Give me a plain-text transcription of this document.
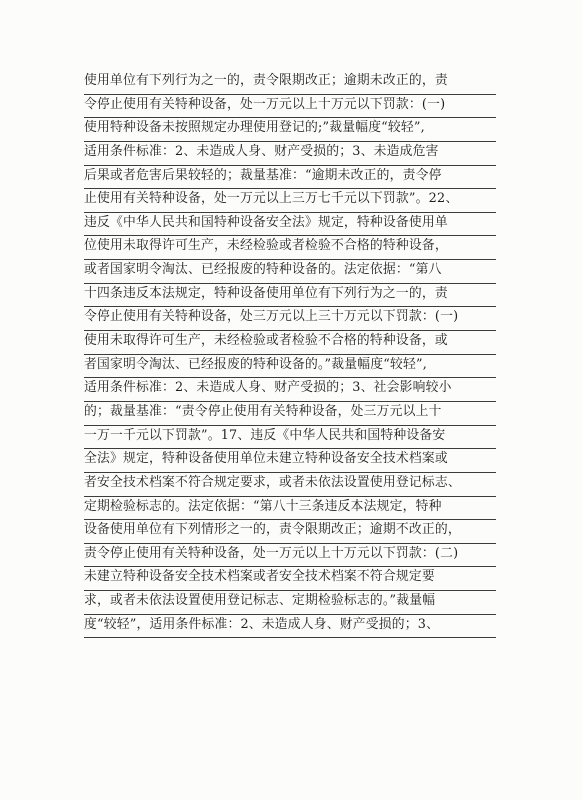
使用单位有下列行为之一的，责令限期改正；逾期未改正的，责
令停止使用有关特种设备，处一万元以上十万元以下罚款：(一)
使用特种设备未按照规定办理使用登记的;”裁量幅度“较轻”,
适用条件标准：2、未造成人身、财产受损的；3、未造成危害
后果或者危害后果较轻的；裁量基准：“逾期未改正的，责令停
止使用有关特种设备，处一万元以上三万七千元以下罚款”。22、
违反《中华人民共和国特种设备安全法》规定，特种设备使用单
位使用未取得许可生产，未经检验或者检验不合格的特种设备，
或者国家明令淘汰、已经报废的特种设备的。法定依据：“第八
十四条违反本法规定，特种设备使用单位有下列行为之一的，责
令停止使用有关特种设备，处三万元以上三十万元以下罚款：(一)
使用未取得许可生产，未经检验或者检验不合格的特种设备，或
者国家明令淘汰、已经报废的特种设备的。”裁量幅度“较轻”,
适用条件标准：2、未造成人身、财产受损的；3、社会影响较小
的；裁量基准：“责令停止使用有关特种设备，处三万元以上十
一万一千元以下罚款”。17、违反《中华人民共和国特种设备安
全法》规定，特种设备使用单位未建立特种设备安全技术档案或
者安全技术档案不符合规定要求，或者未依法设置使用登记标志、
定期检验标志的。法定依据：“第八十三条违反本法规定，特种
设备使用单位有下列情形之一的，责令限期改正；逾期不改正的，
责令停止使用有关特种设备，处一万元以上十万元以下罚款：(二)
未建立特种设备安全技术档案或者安全技术档案不符合规定要
求，或者未依法设置使用登记标志、定期检验标志的。”裁量幅
度“较轻”，适用条件标准：2、未造成人身、财产受损的；3、
